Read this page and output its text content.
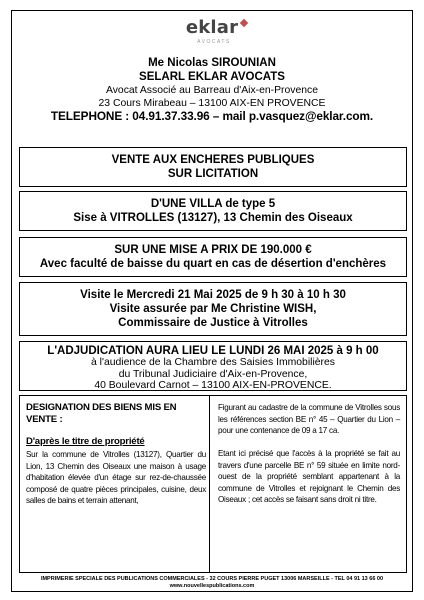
eklar
AVOCATS
Me Nicolas SIROUNIAN
SELARL EKLAR AVOCATS
Avocat Associé au Barreau d'Aix-en-Provence
23 Cours Mirabeau – 13100 AIX-EN PROVENCE
TELEPHONE : 04.91.37.33.96 – mail p.vasquez@eklar.com.
VENTE AUX ENCHERES PUBLIQUES
SUR LICITATION
D'UNE VILLA de type 5
Sise à VITROLLES (13127), 13 Chemin des Oiseaux
SUR UNE MISE A PRIX DE 190.000 €
Avec faculté de baisse du quart en cas de désertion d'enchères
Visite le Mercredi 21 Mai 2025 de 9 h 30 à 10 h 30
Visite assurée par Me Christine WISH,
Commissaire de Justice à Vitrolles
L'ADJUDICATION AURA LIEU LE LUNDI 26 MAI 2025 à 9 h 00
à l'audience de la Chambre des Saisies Immobilières
du Tribunal Judiciaire d'Aix-en-Provence,
40 Boulevard Carnot – 13100 AIX-EN-PROVENCE.
DESIGNATION DES BIENS MIS EN VENTE :
D'après le titre de propriété
Sur la commune de Vitrolles (13127), Quartier du Lion, 13 Chemin des Oiseaux une maison à usage d'habitation élevée d'un étage sur rez-de-chaussée composé de quatre pièces principales, cuisine, deux salles de bains et terrain attenant,
Figurant au cadastre de la commune de Vitrolles sous les références section BE n° 45 – Quartier du Lion – pour une contenance de 09 a 17 ca.
Etant ici précisé que l'accès à la propriété se fait au travers d'une parcelle BE n° 59 située en limite nord-ouest de la propriété semblant appartenant à la commune de Vitrolles et rejoignant le Chemin des Oiseaux ; cet accès se faisant sans droit ni titre.
IMPRIMERIE SPECIALE DES PUBLICATIONS COMMERCIALES - 32 COURS PIERRE PUGET 13006 MARSEILLE - TEL 04 91 13 66 00
www.nouvellespublications.com
